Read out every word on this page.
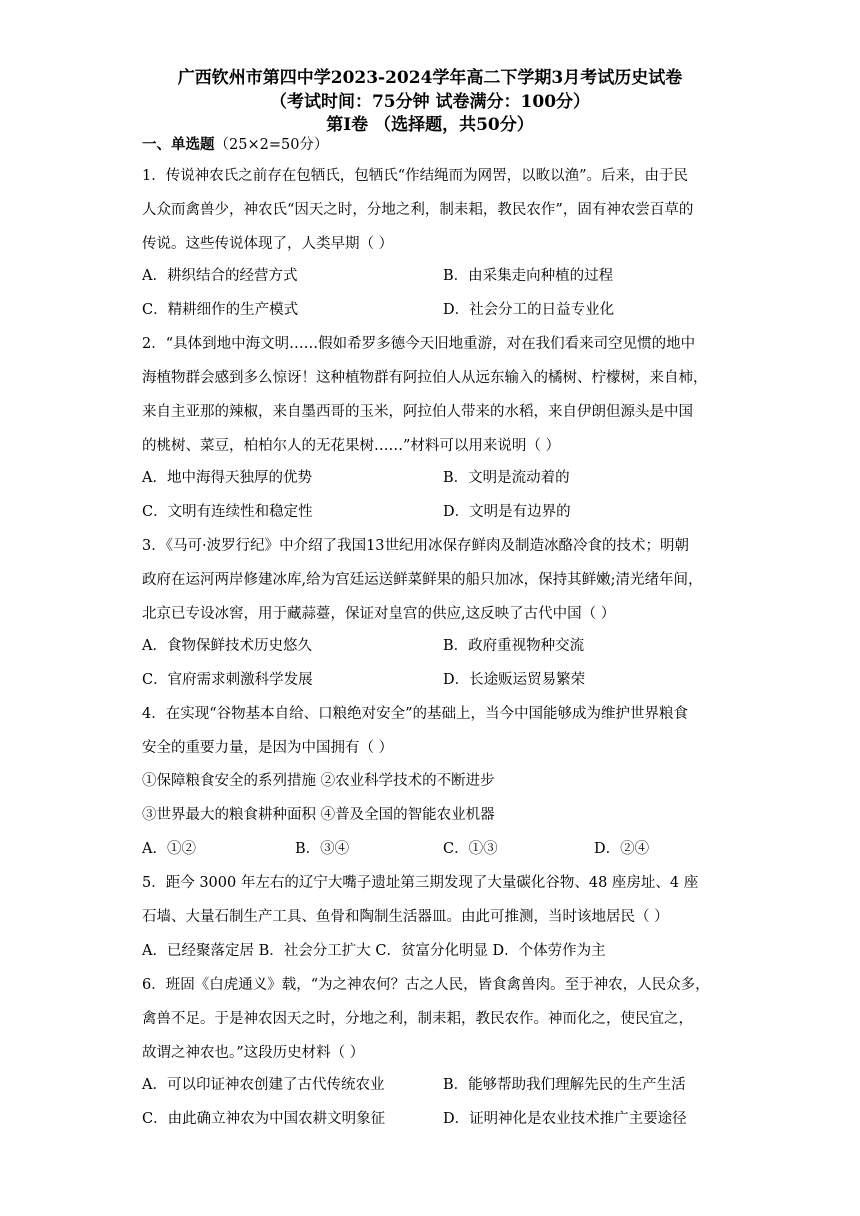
广西钦州市第四中学2023-2024学年高二下学期3月考试历史试卷
（考试时间：75分钟 试卷满分：100分）
第I卷 （选择题，共50分）
一、单选题（25×2=50分）
1．传说神农氏之前存在包牺氏，包牺氏“作结绳而为网罟，以畋以渔”。后来，由于民
人众而禽兽少，神农氏“因天之时，分地之利，制耒耜，教民农作”，固有神农尝百草的
传说。这些传说体现了，人类早期（ ）
A．耕织结合的经营方式	B．由采集走向种植的过程
C．精耕细作的生产模式	D．社会分工的日益专业化
2．“具体到地中海文明……假如希罗多德今天旧地重游，对在我们看来司空见惯的地中
海植物群会感到多么惊讶！这种植物群有阿拉伯人从远东输入的橘树、柠檬树，来自柿，
来自主亚那的辣椒，来自墨西哥的玉米，阿拉伯人带来的水稻，来自伊朗但源头是中国
的桃树、菜豆，柏柏尔人的无花果树……”材料可以用来说明（ ）
A．地中海得天独厚的优势	B．文明是流动着的
C．文明有连续性和稳定性	D．文明是有边界的
3．《马可·波罗行纪》中介绍了我国13世纪用冰保存鲜肉及制造冰酪冷食的技术；明朝
政府在运河两岸修建冰库,给为宫廷运送鲜菜鲜果的船只加冰，保持其鲜嫩;清光绪年间，
北京已专设冰窖，用于藏蒜薹，保证对皇宫的供应,这反映了古代中国（ ）
A．食物保鲜技术历史悠久	B．政府重视物种交流
C．官府需求刺激科学发展	D．长途贩运贸易繁荣
4．在实现“谷物基本自给、口粮绝对安全”的基础上，当今中国能够成为维护世界粮食
安全的重要力量，是因为中国拥有（ ）
①保障粮食安全的系列措施 ②农业科学技术的不断进步
③世界最大的粮食耕种面积 ④普及全国的智能农业机器
A．①②	B．③④	C．①③	D．②④
5．距今 3000 年左右的辽宁大嘴子遗址第三期发现了大量碳化谷物、48 座房址、4 座
石墙、大量石制生产工具、鱼骨和陶制生活器皿。由此可推测，当时该地居民（ ）
A．已经聚落定居 B．社会分工扩大 C．贫富分化明显 D．个体劳作为主
6．班固《白虎通义》载，“为之神农何？古之人民，皆食禽兽肉。至于神农，人民众多，
禽兽不足。于是神农因天之时，分地之利，制耒耜，教民农作。神而化之，使民宜之，
故谓之神农也。”这段历史材料（ ）
A．可以印证神农创建了古代传统农业	B．能够帮助我们理解先民的生产生活
C．由此确立神农为中国农耕文明象征	D．证明神化是农业技术推广主要途径
